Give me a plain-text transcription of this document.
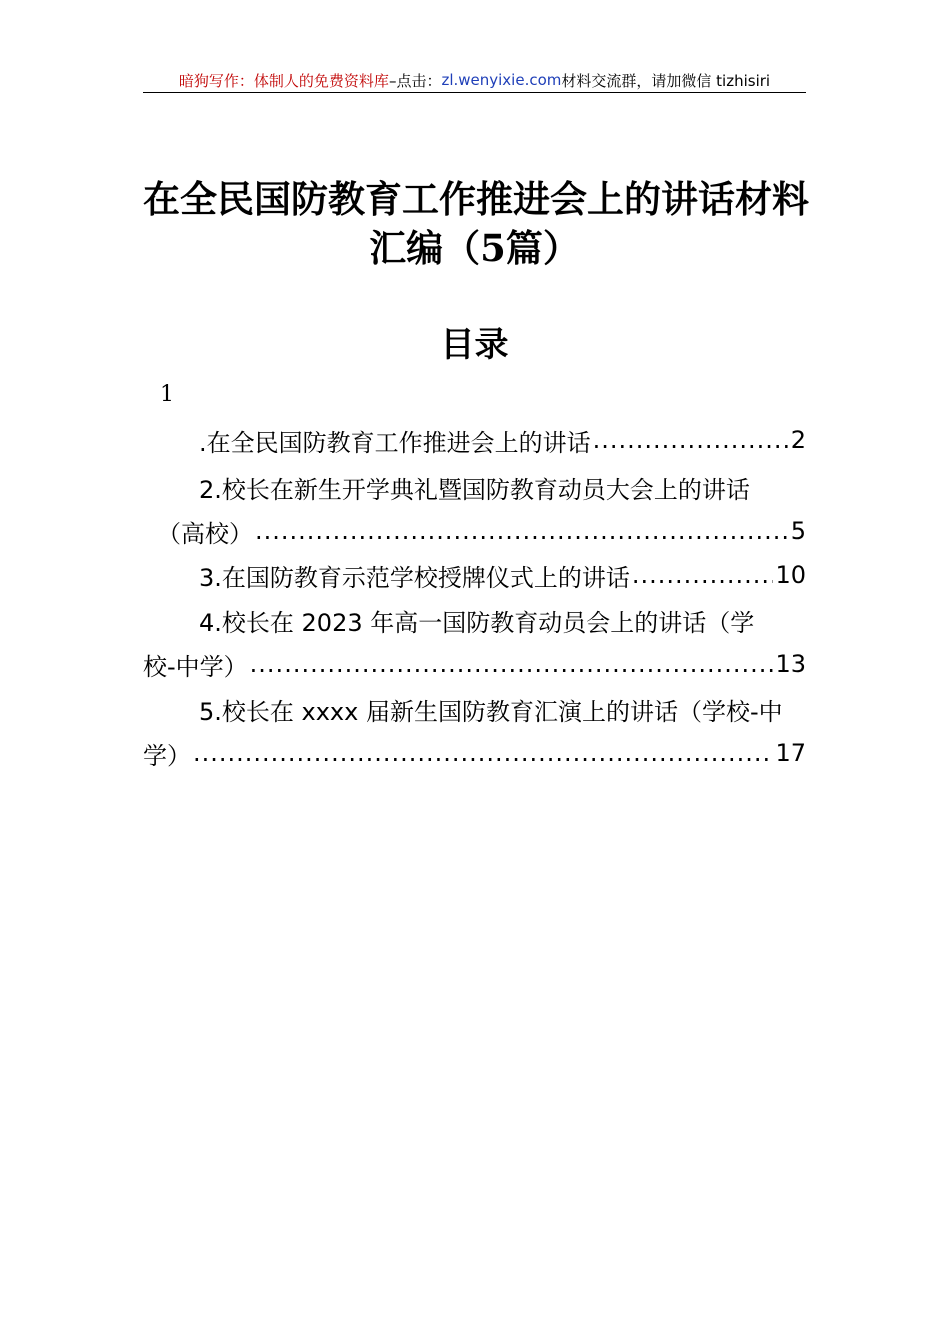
暗狗写作：体制人的免费资料库 –点击： zl.wenyixie.com 材料交流群，请加微信 tizhisiri
在全民国防教育工作推进会上的讲话材料
汇编（5篇）
目录
1
.在全民国防教育工作推进会上的讲话 .....	2
2.校长在新生开学典礼暨国防教育动员大会上的讲话
（高校） .....	5
3.在国防教育示范学校授牌仪式上的讲话 .....	10
4.校长在 2023 年高一国防教育动员会上的讲话（学
校-中学） .....	13
5.校长在 xxxx 届新生国防教育汇演上的讲话（学校-中
学） .....	17
